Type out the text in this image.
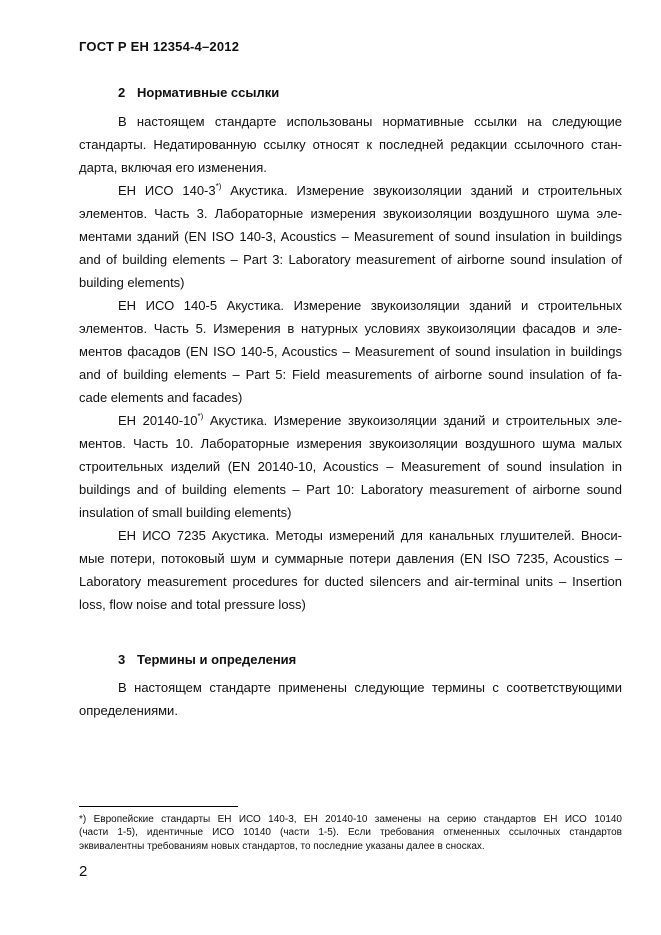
ГОСТ Р ЕН 12354-4–2012
2 Нормативные ссылки
В настоящем стандарте использованы нормативные ссылки на следующие
стандарты. Недатированную ссылку относят к последней редакции ссылочного стан-
дарта, включая его изменения.
ЕН ИСО 140-3*) Акустика. Измерение звукоизоляции зданий и строительных
элементов. Часть 3. Лабораторные измерения звукоизоляции воздушного шума эле-
ментами зданий (EN ISO 140-3, Acoustics – Measurement of sound insulation in buildings
and of building elements – Part 3: Laboratory measurement of airborne sound insulation of
building elements)
ЕН ИСО 140-5 Акустика. Измерение звукоизоляции зданий и строительных
элементов. Часть 5. Измерения в натурных условиях звукоизоляции фасадов и эле-
ментов фасадов (EN ISO 140-5, Acoustics – Measurement of sound insulation in buildings
and of building elements – Part 5: Field measurements of airborne sound insulation of fa-
cade elements and facades)
ЕН 20140-10*) Акустика. Измерение звукоизоляции зданий и строительных эле-
ментов. Часть 10. Лабораторные измерения звукоизоляции воздушного шума малых
строительных изделий (EN 20140-10, Acoustics – Measurement of sound insulation in
buildings and of building elements – Part 10: Laboratory measurement of airborne sound
insulation of small building elements)
ЕН ИСО 7235 Акустика. Методы измерений для канальных глушителей. Вноси-
мые потери, потоковый шум и суммарные потери давления (EN ISO 7235, Acoustics –
Laboratory measurement procedures for ducted silencers and air-terminal units – Insertion
loss, flow noise and total pressure loss)
3 Термины и определения
В настоящем стандарте применены следующие термины с соответствующими
определениями.
*) Европейские стандарты ЕН ИСО 140-3, ЕН 20140-10 заменены на серию стандартов ЕН ИСО 10140
(части 1-5), идентичные ИСО 10140 (части 1-5). Если требования отмененных ссылочных стандартов
эквивалентны требованиям новых стандартов, то последние указаны далее в сносках.
2
